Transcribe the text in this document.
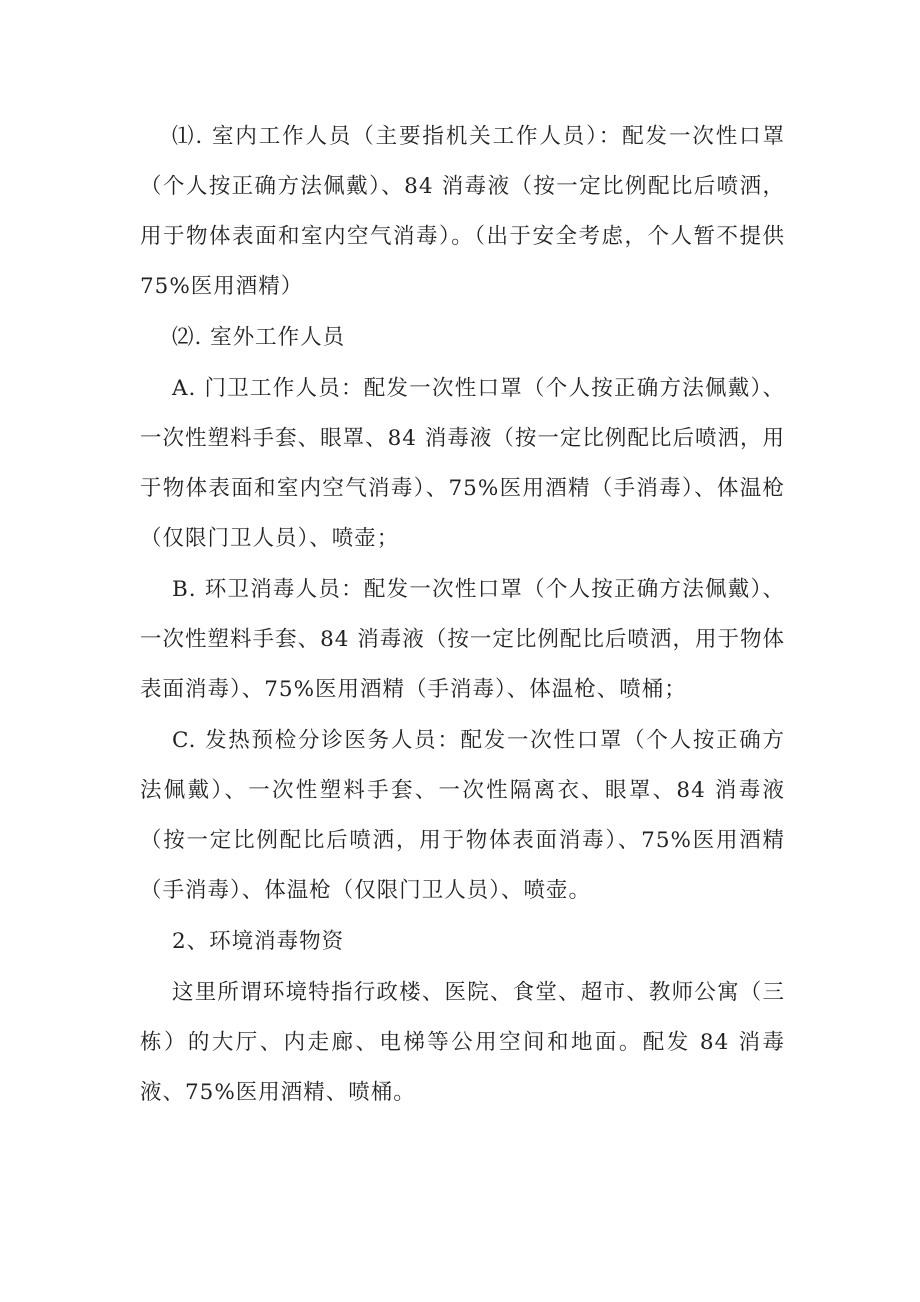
⑴. 室内工作人员（主要指机关工作人员）：配发一次性口罩（个人按正确方法佩戴）、84 消毒液（按一定比例配比后喷洒，用于物体表面和室内空气消毒）。（出于安全考虑，个人暂不提供 75%医用酒精）

⑵. 室外工作人员

A. 门卫工作人员：配发一次性口罩（个人按正确方法佩戴）、一次性塑料手套、眼罩、84 消毒液（按一定比例配比后喷洒，用于物体表面和室内空气消毒）、75%医用酒精（手消毒）、体温枪（仅限门卫人员）、喷壶；

B. 环卫消毒人员：配发一次性口罩（个人按正确方法佩戴）、一次性塑料手套、84 消毒液（按一定比例配比后喷洒，用于物体表面消毒）、75%医用酒精（手消毒）、体温枪、喷桶；

C. 发热预检分诊医务人员：配发一次性口罩（个人按正确方法佩戴）、一次性塑料手套、一次性隔离衣、眼罩、84 消毒液（按一定比例配比后喷洒，用于物体表面消毒）、75%医用酒精（手消毒）、体温枪（仅限门卫人员）、喷壶。

2、环境消毒物资

这里所谓环境特指行政楼、医院、食堂、超市、教师公寓（三栋）的大厅、内走廊、电梯等公用空间和地面。配发 84 消毒液、75%医用酒精、喷桶。
